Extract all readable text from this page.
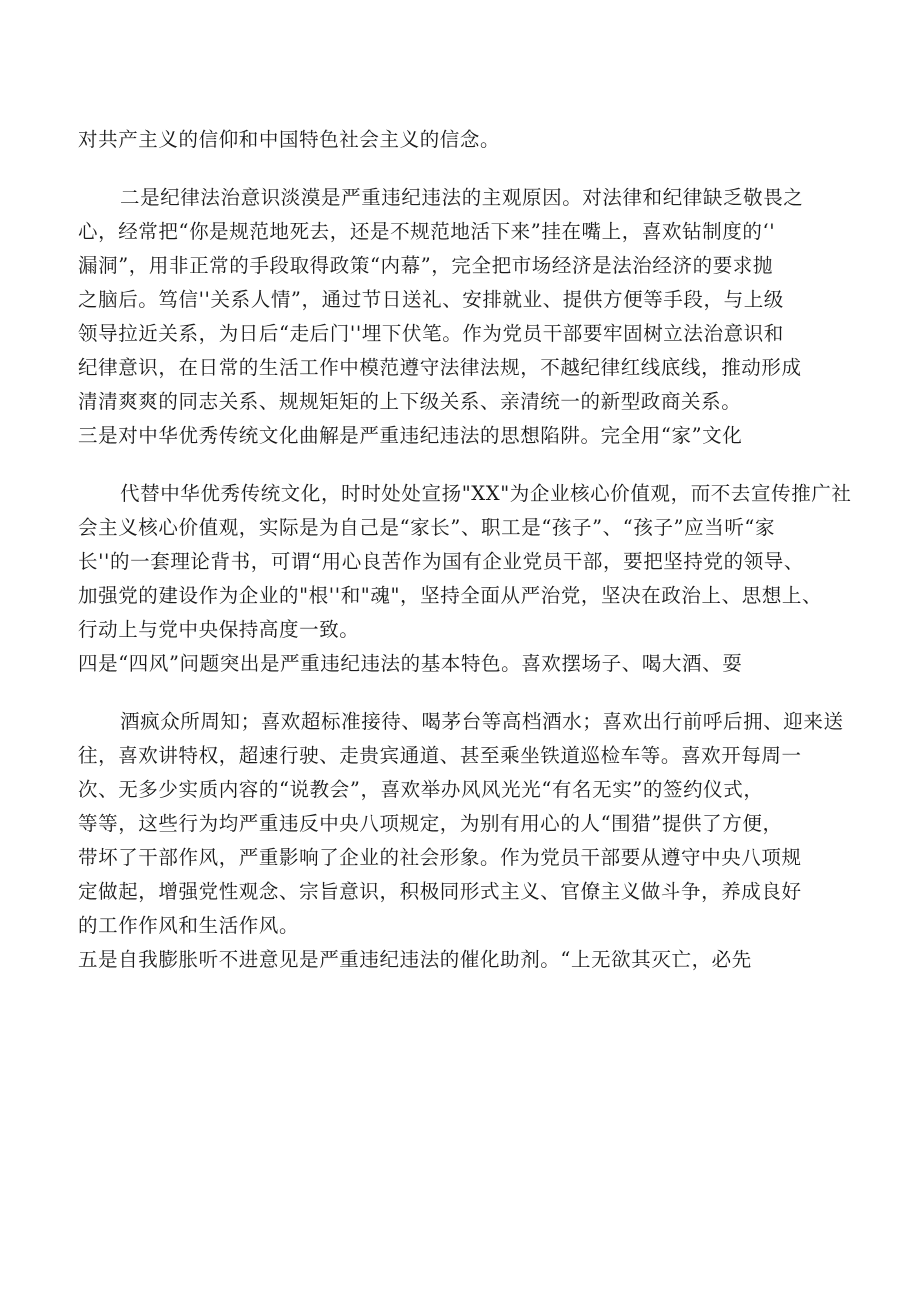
对共产主义的信仰和中国特色社会主义的信念。
二是纪律法治意识淡漠是严重违纪违法的主观原因。对法律和纪律缺乏敬畏之
心，经常把“你是规范地死去，还是不规范地活下来”挂在嘴上，喜欢钻制度的‘'
漏洞”，用非正常的手段取得政策“内幕”，完全把市场经济是法治经济的要求抛
之脑后。笃信''关系人情”，通过节日送礼、安排就业、提供方便等手段，与上级
领导拉近关系，为日后“走后门''埋下伏笔。作为党员干部要牢固树立法治意识和
纪律意识，在日常的生活工作中模范遵守法律法规，不越纪律红线底线，推动形成
清清爽爽的同志关系、规规矩矩的上下级关系、亲清统一的新型政商关系。
三是对中华优秀传统文化曲解是严重违纪违法的思想陷阱。完全用“家”文化
代替中华优秀传统文化，时时处处宣扬"XX"为企业核心价值观，而不去宣传推广社
会主义核心价值观，实际是为自己是“家长”、职工是“孩子”、“孩子”应当听“家
长''的一套理论背书，可谓“用心良苦作为国有企业党员干部，要把坚持党的领导、
加强党的建设作为企业的"根''和"魂"，坚持全面从严治党，坚决在政治上、思想上、
行动上与党中央保持高度一致。
四是“四风”问题突出是严重违纪违法的基本特色。喜欢摆场子、喝大酒、耍
酒疯众所周知；喜欢超标准接待、喝茅台等高档酒水；喜欢出行前呼后拥、迎来送
往，喜欢讲特权，超速行驶、走贵宾通道、甚至乘坐铁道巡检车等。喜欢开每周一
次、无多少实质内容的“说教会”，喜欢举办风风光光“有名无实”的签约仪式，
等等，这些行为均严重违反中央八项规定，为别有用心的人“围猎”提供了方便，
带坏了干部作风，严重影响了企业的社会形象。作为党员干部要从遵守中央八项规
定做起，增强党性观念、宗旨意识，积极同形式主义、官僚主义做斗争，养成良好
的工作作风和生活作风。
五是自我膨胀听不进意见是严重违纪违法的催化助剂。“上无欲其灭亡，必先
